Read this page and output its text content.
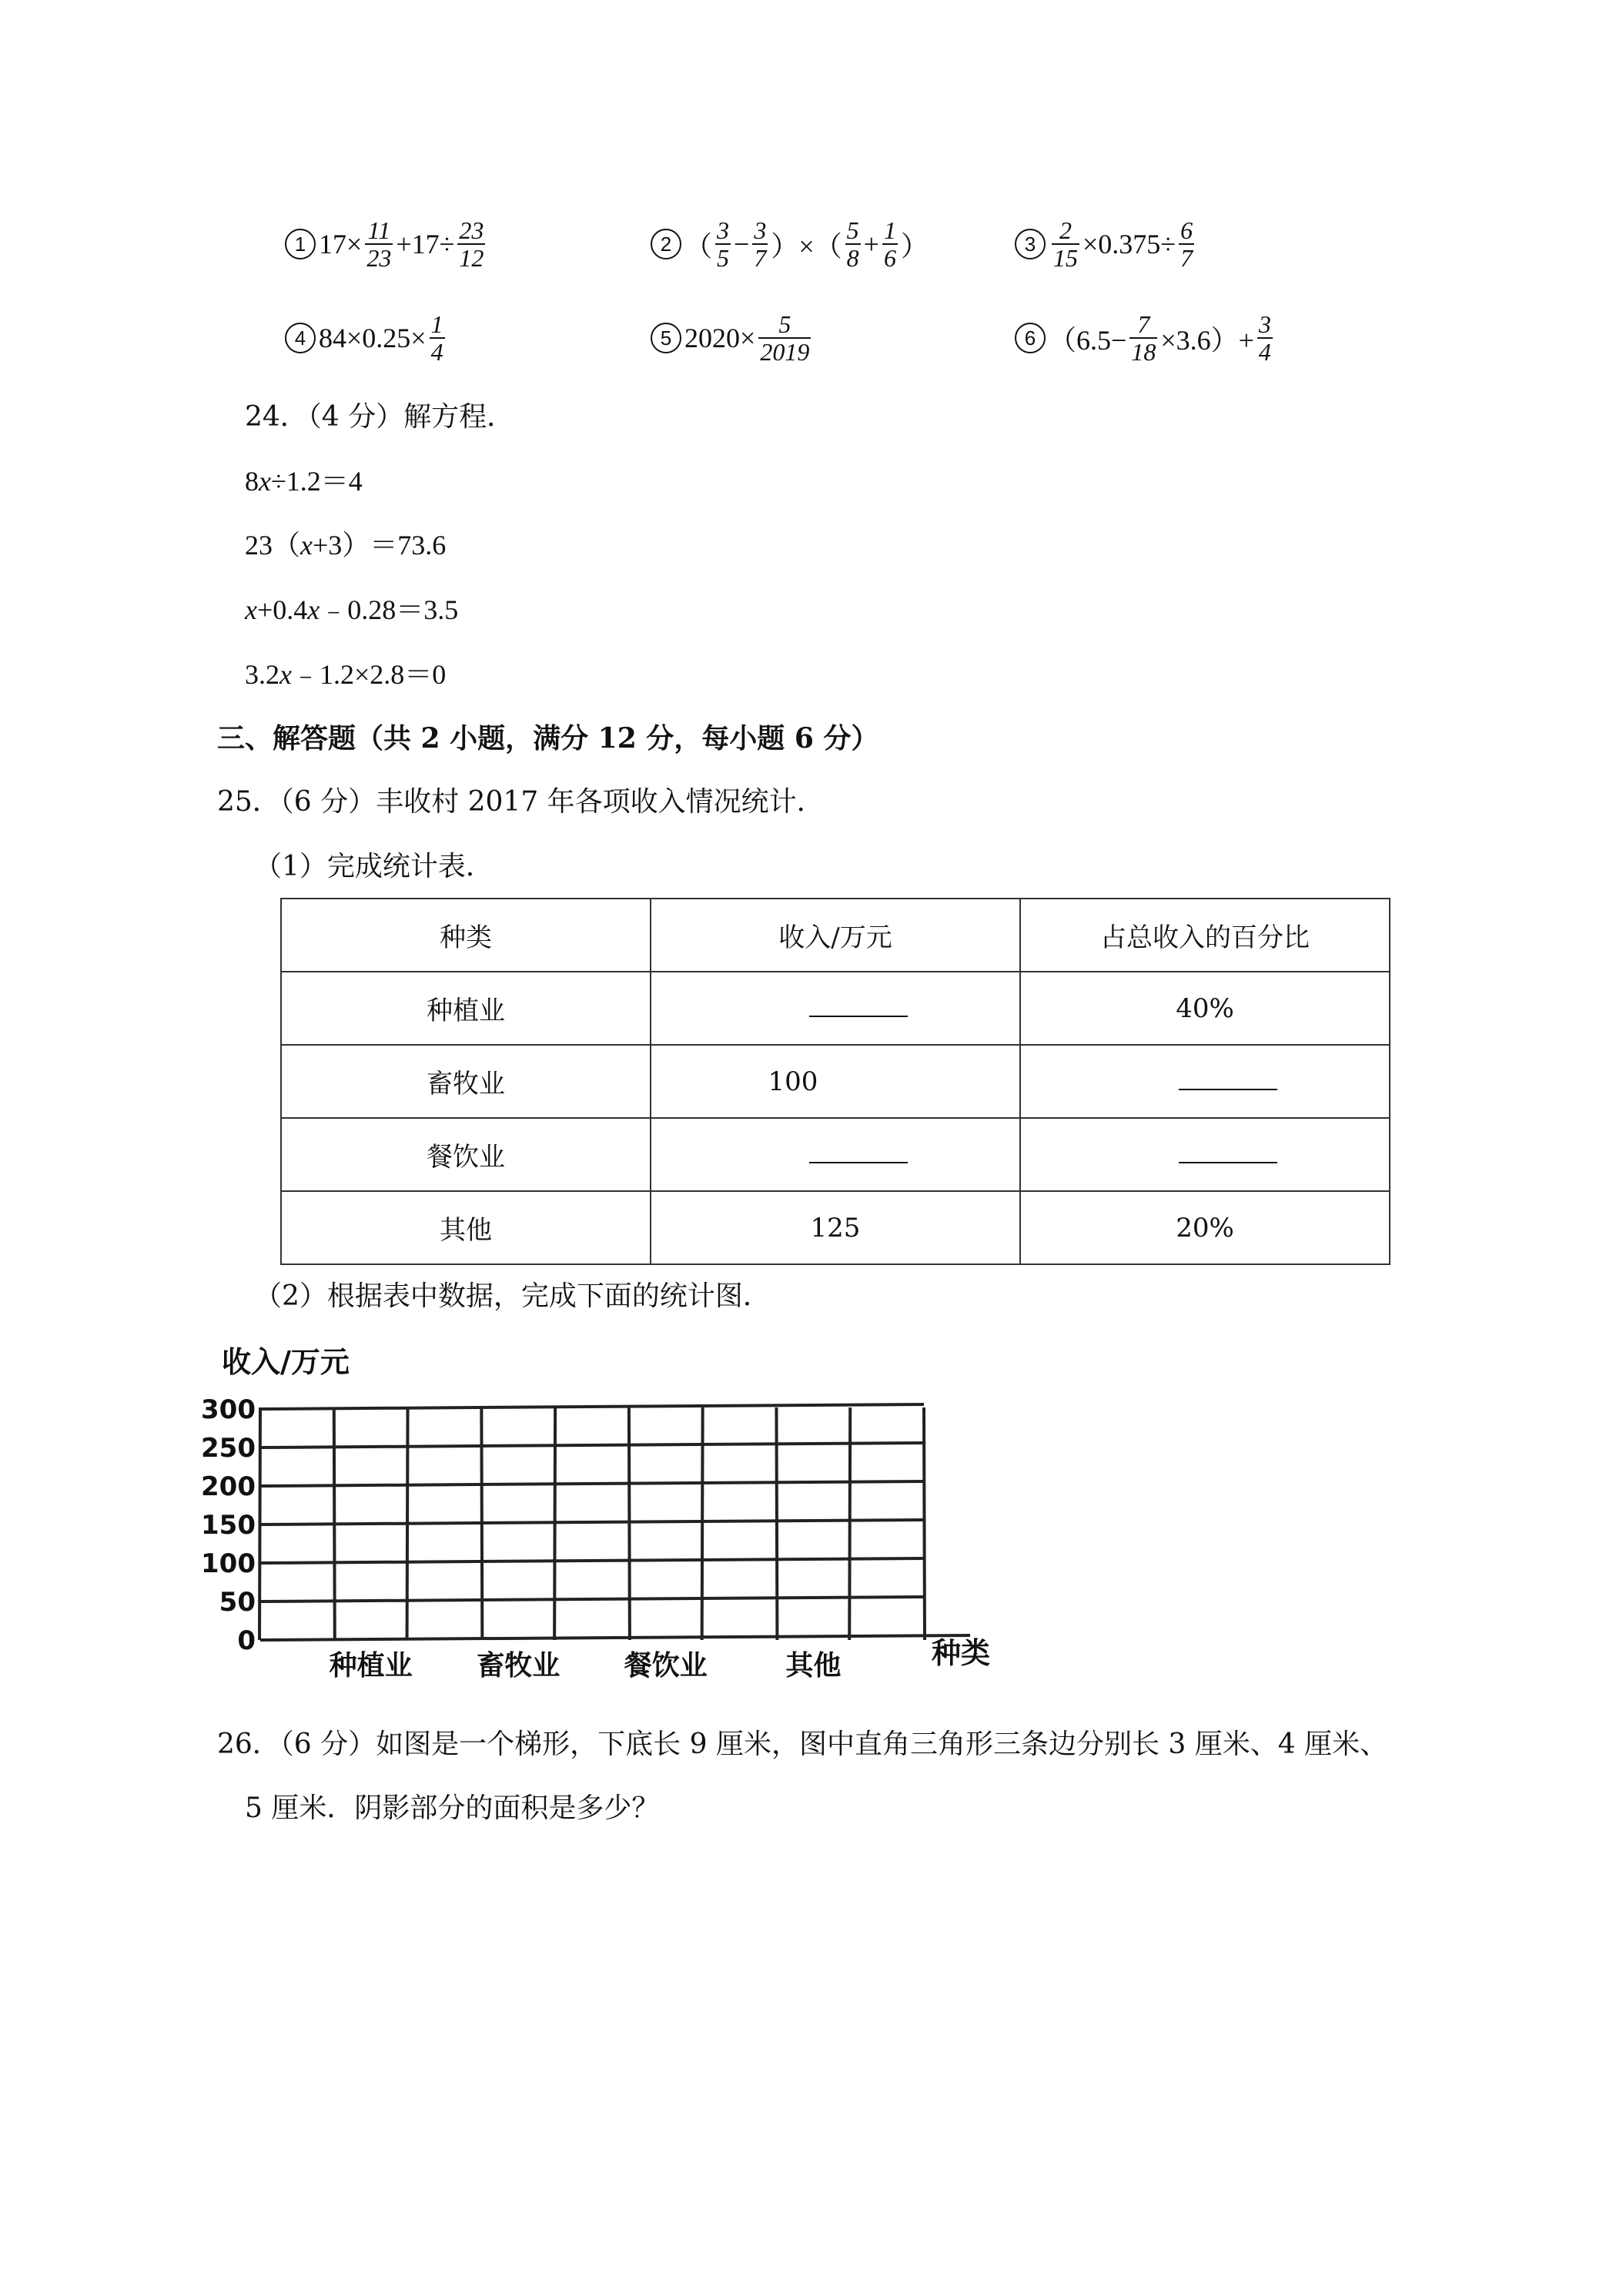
1 $17\times \frac{11}{23} +17\div \frac{23}{12}$	2 （ $\frac{3}{5} - \frac{3}{7}$ ）×（ $\frac{5}{8} + \frac{1}{6}$ ）	$3 \frac{2}{15} \times 0.375\div \frac{6}{7}$
4 $84\times 0.25\times \frac{1}{4}$	5 $2020\times \frac{5}{2019}$	6 $(6.5- \frac{7}{18} \times 3.6)+ \frac{3}{4}$
24．（4 分）解方程．
8x÷1.2＝4
23（x+3）＝73.6
x+0.4x﹣0.28＝3.5
3.2x﹣1.2×2.8＝0
三、解答题（共 2 小题，满分 12 分，每小题 6 分）
25．（6 分）丰收村 2017 年各项收入情况统计．
（1）完成统计表．
种类	收入/万元	占总收入的百分比
种植业		40%
畜牧业	100	
餐饮业		
其他	125	20%
（2）根据表中数据，完成下面的统计图．
收入/万元
300
250
200
150
100
50
0
种植业 畜牧业 餐饮业	其他	种类
26．（6 分）如图是一个梯形，下底长 9 厘米，图中直角三角形三条边分别长 3 厘米、4 厘米、
5 厘米．阴影部分的面积是多少？
